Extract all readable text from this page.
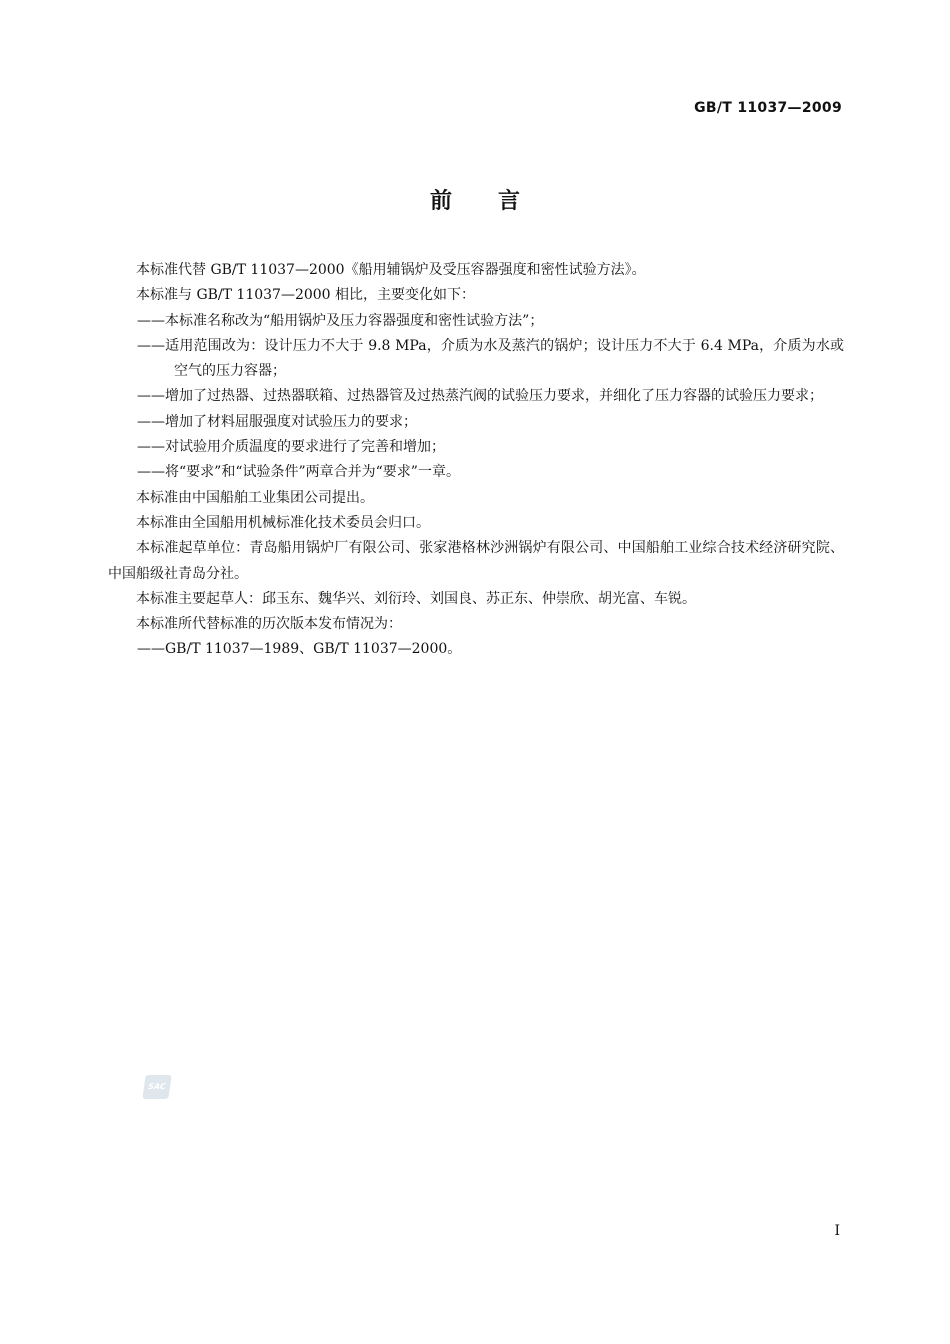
GB/T 11037—2009
前言

本标准代替 GB/T 11037—2000《船用辅锅炉及受压容器强度和密性试验方法》。

本标准与 GB/T 11037—2000 相比，主要变化如下：

——本标准名称改为“船用锅炉及压力容器强度和密性试验方法”；

——适用范围改为：设计压力不大于 9.8 MPa，介质为水及蒸汽的锅炉；设计压力不大于 6.4 MPa，介质为水或空气的压力容器；

——增加了过热器、过热器联箱、过热器管及过热蒸汽阀的试验压力要求，并细化了压力容器的试验压力要求；

——增加了材料屈服强度对试验压力的要求；

——对试验用介质温度的要求进行了完善和增加；

——将“要求”和“试验条件”两章合并为“要求”一章。

本标准由中国船舶工业集团公司提出。

本标准由全国船用机械标准化技术委员会归口。

本标准起草单位：青岛船用锅炉厂有限公司、张家港格林沙洲锅炉有限公司、中国船舶工业综合技术经济研究院、中国船级社青岛分社。

本标准主要起草人：邱玉东、魏华兴、刘衍玲、刘国良、苏正东、仲崇欣、胡光富、车锐。

本标准所代替标准的历次版本发布情况为：

——GB/T 11037—1989、GB/T 11037—2000。

SAC
I
